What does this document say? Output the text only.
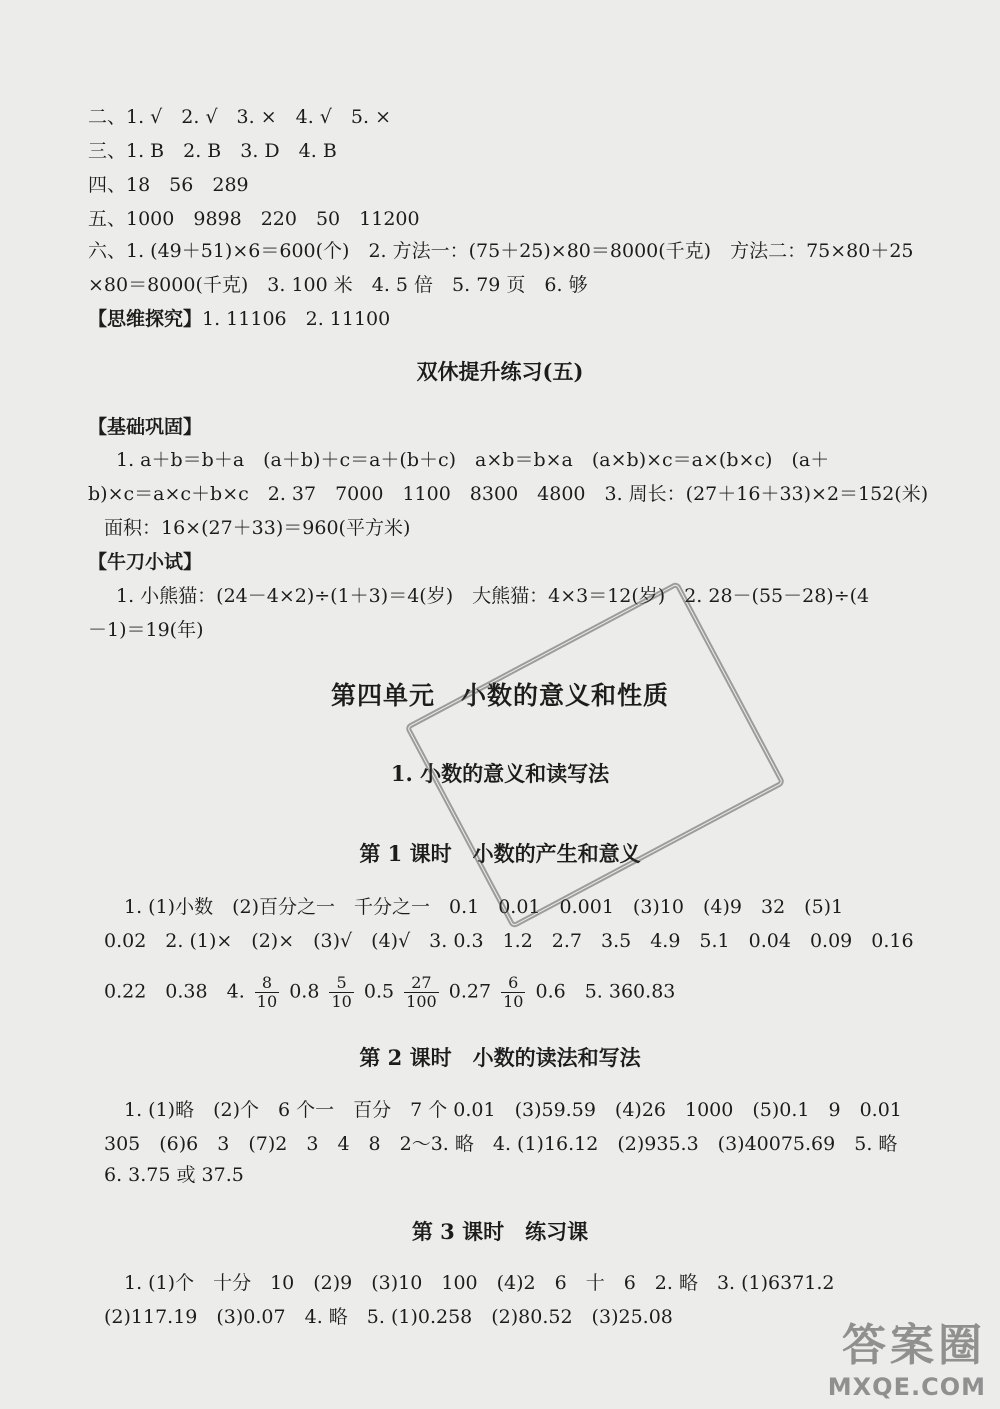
二、1. √　2. √　3. ×　4. √　5. ×
三、1. B　2. B　3. D　4. B
四、18　56　289
五、1000　9898　220　50　11200
六、1. (49＋51)×6＝600(个)　2. 方法一：(75＋25)×80＝8000(千克)　方法二：75×80＋25
×80＝8000(千克)　3. 100 米　4. 5 倍　5. 79 页　6. 够
【思维探究】1. 11106　2. 11100
双休提升练习(五)
【基础巩固】
1. a＋b＝b＋a　(a＋b)＋c＝a＋(b＋c)　a×b＝b×a　(a×b)×c＝a×(b×c)　(a＋
b)×c＝a×c＋b×c　2. 37　7000　1100　8300　4800　3. 周长：(27＋16＋33)×2＝152(米)
面积：16×(27＋33)＝960(平方米)
【牛刀小试】
1. 小熊猫：(24－4×2)÷(1＋3)＝4(岁)　大熊猫：4×3＝12(岁)　2. 28－(55－28)÷(4
－1)＝19(年)
第四单元　小数的意义和性质
1. 小数的意义和读写法
第 1 课时　小数的产生和意义
1. (1)小数　(2)百分之一　千分之一　0.1　0.01　0.001　(3)10　(4)9　32　(5)1
0.02　2. (1)×　(2)×　(3)√　(4)√　3. 0.3　1.2　2.7　3.5　4.9　5.1　0.04　0.09　0.16
0.22　0.38　4. $\frac{8}{10} 0.8 \frac{5}{10} 0.5 \frac{27}{100} 0.27 \frac{6}{10} 0.6$　5. 360.83
第 2 课时　小数的读法和写法
1. (1)略　(2)个　6 个一　百分　7 个 0.01　(3)59.59　(4)26　1000　(5)0.1　9　0.01
305　(6)6　3　(7)2　3　4　8　2～3. 略　4. (1)16.12　(2)935.3　(3)40075.69　5. 略
6. 3.75 或 37.5
第 3 课时　练习课
1. (1)个　十分　10　(2)9　(3)10　100　(4)2　6　十　6　2. 略　3. (1)6371.2
(2)117.19　(3)0.07　4. 略　5. (1)0.258　(2)80.52　(3)25.08
答案圈
MXQE.COM
